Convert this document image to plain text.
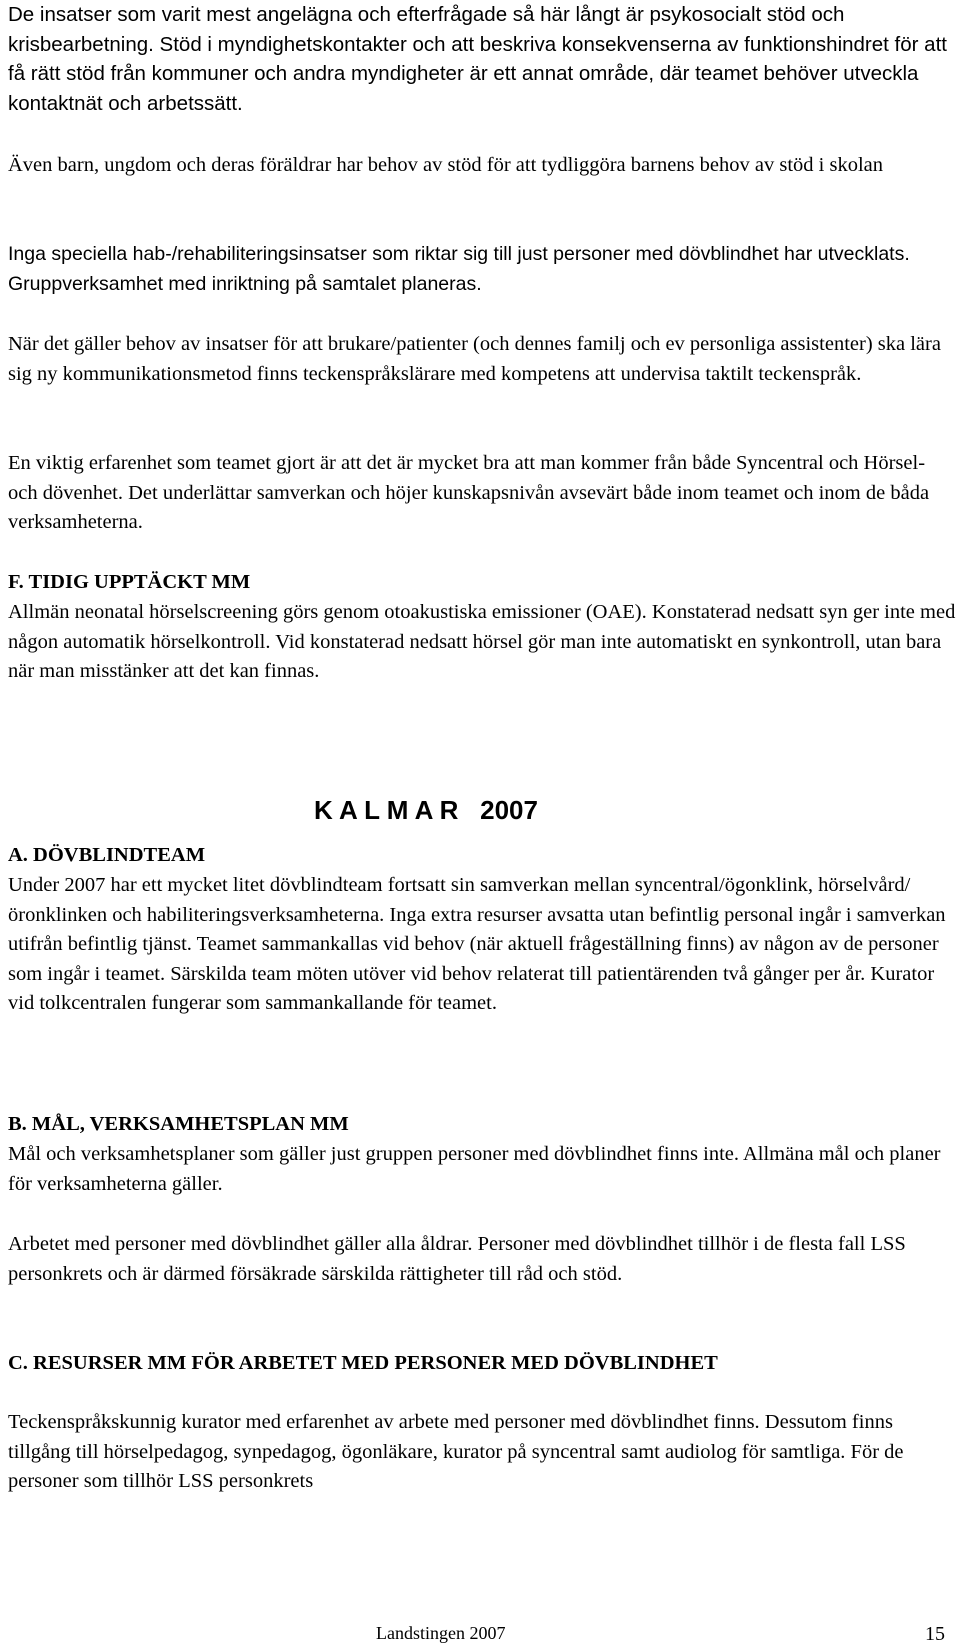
De insatser som varit mest angelägna och efterfrågade så här långt är psykosocialt stöd och krisbearbetning. Stöd i myndighetskontakter och att beskriva konsekvenserna av funktionshindret för att få rätt stöd från kommuner och andra myndigheter är ett annat område, där teamet behöver utveckla kontaktnät och arbetssätt.

Även barn, ungdom och deras föräldrar har behov av stöd för att tydliggöra barnens behov av stöd i skolan

Inga speciella hab-/rehabiliteringsinsatser som riktar sig till just personer med dövblindhet har utvecklats. Gruppverksamhet med inriktning på samtalet planeras.

När det gäller behov av insatser för att brukare/patienter (och dennes familj och ev personliga assistenter) ska lära sig ny kommunikationsmetod finns teckenspråkslärare med kompetens att undervisa taktilt teckenspråk.

En viktig erfarenhet som teamet gjort är att det är mycket bra att man kommer från både Syncentral och Hörsel- och dövenhet. Det underlättar samverkan och höjer kunskapsnivån avsevärt både inom teamet och inom de båda verksamheterna.

F. TIDIG UPPTÄCKT MM

Allmän neonatal hörselscreening görs genom otoakustiska emissioner (OAE). Konstaterad nedsatt syn ger inte med någon automatik hörselkontroll. Vid konstaterad nedsatt hörsel gör man inte automatiskt en synkontroll, utan bara när man misstänker att det kan finnas.

K A L M A R   2007

A. DÖVBLINDTEAM

Under 2007 har ett mycket litet dövblindteam fortsatt sin samverkan mellan syncentral/ögonklink, hörselvård/öronklinken och habiliteringsverksamheterna. Inga extra resurser avsatta utan befintlig personal ingår i samverkan utifrån befintlig tjänst. Teamet sammankallas vid behov (när aktuell frågeställning finns) av någon av de personer som ingår i teamet. Särskilda team möten utöver vid behov relaterat till patientärenden två gånger per år. Kurator vid tolkcentralen fungerar som sammankallande för teamet.

B. MÅL, VERKSAMHETSPLAN MM

Mål och verksamhetsplaner som gäller just gruppen personer med dövblindhet finns inte. Allmäna mål och planer för verksamheterna gäller.

Arbetet med personer med dövblindhet gäller alla åldrar. Personer med dövblindhet tillhör i de flesta fall LSS personkrets och är därmed försäkrade särskilda rättigheter till råd och stöd.

C. RESURSER MM FÖR ARBETET MED PERSONER MED DÖVBLINDHET

Teckenspråkskunnig kurator med erfarenhet av arbete med personer med dövblindhet finns. Dessutom finns tillgång till hörselpedagog, synpedagog, ögonläkare, kurator på syncentral samt audiolog för samtliga. För de personer som tillhör LSS personkrets

Landstingen 2007	15
